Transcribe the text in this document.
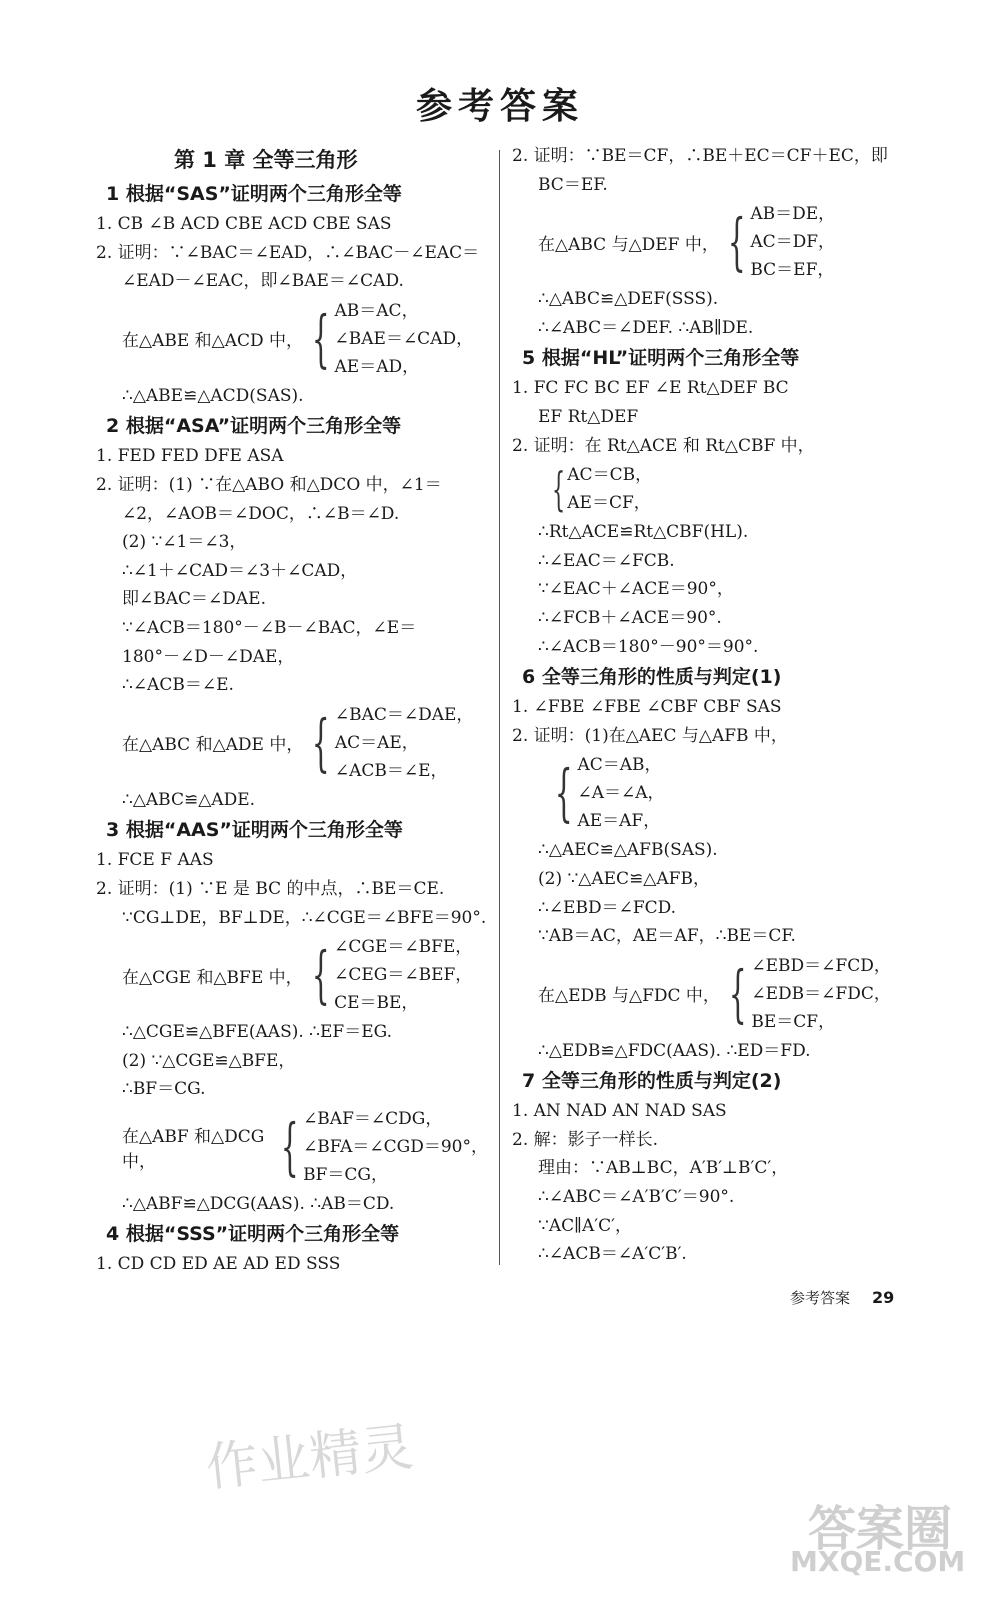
参考答案
第 1 章 全等三角形
1 根据“SAS”证明两个三角形全等
1. CB ∠B ACD CBE ACD CBE SAS
2. 证明：∵∠BAC＝∠EAD，∴∠BAC－∠EAC＝
∠EAD－∠EAC，即∠BAE＝∠CAD.
在△ABE 和△ACD 中， { AB＝AC，
∠BAE＝∠CAD，
AE＝AD，
∴△ABE≌△ACD(SAS).
2 根据“ASA”证明两个三角形全等
1. FED FED DFE ASA
2. 证明：(1) ∵在△ABO 和△DCO 中，∠1＝
∠2，∠AOB＝∠DOC，∴∠B＝∠D.
(2) ∵∠1＝∠3，
∴∠1＋∠CAD＝∠3＋∠CAD，
即∠BAC＝∠DAE.
∵∠ACB＝180°－∠B－∠BAC，∠E＝
180°－∠D－∠DAE，
∴∠ACB＝∠E.
在△ABC 和△ADE 中， { ∠BAC＝∠DAE，
AC＝AE，
∠ACB＝∠E，
∴△ABC≌△ADE.
3 根据“AAS”证明两个三角形全等
1. FCE F AAS
2. 证明：(1) ∵E 是 BC 的中点，∴BE＝CE.
∵CG⊥DE，BF⊥DE，∴∠CGE＝∠BFE＝90°.
在△CGE 和△BFE 中， { ∠CGE＝∠BFE，
∠CEG＝∠BEF，
CE＝BE，
∴△CGE≌△BFE(AAS). ∴EF＝EG.
(2) ∵△CGE≌△BFE，
∴BF＝CG.
在△ABF 和△DCG 中，	{ ∠BAF＝∠CDG，
∠BFA＝∠CGD＝90°，
BF＝CG，
∴△ABF≌△DCG(AAS). ∴AB＝CD.
4 根据“SSS”证明两个三角形全等
1. CD CD ED AE AD ED SSS
2. 证明：∵BE＝CF，∴BE＋EC＝CF＋EC，即
BC＝EF.
在△ABC 与△DEF 中， { AB＝DE，
AC＝DF，
BC＝EF，
∴△ABC≌△DEF(SSS).
∴∠ABC＝∠DEF. ∴AB∥DE.
5 根据“HL”证明两个三角形全等
1. FC FC BC EF ∠E Rt△DEF BC
EF Rt△DEF
2. 证明：在 Rt△ACE 和 Rt△CBF 中，
{ AC＝CB，
AE＝CF，
∴Rt△ACE≌Rt△CBF(HL).
∴∠EAC＝∠FCB.
∵∠EAC＋∠ACE＝90°，
∴∠FCB＋∠ACE＝90°.
∴∠ACB＝180°－90°＝90°.
6 全等三角形的性质与判定(1)
1. ∠FBE ∠FBE ∠CBF CBF SAS
2. 证明：(1)在△AEC 与△AFB 中，
{ AC＝AB，
∠A＝∠A，
AE＝AF，
∴△AEC≌△AFB(SAS).
(2) ∵△AEC≌△AFB，
∴∠EBD＝∠FCD.
∵AB＝AC，AE＝AF，∴BE＝CF.
在△EDB 与△FDC 中， { ∠EBD＝∠FCD，
∠EDB＝∠FDC，
BE＝CF，
∴△EDB≌△FDC(AAS). ∴ED＝FD.
7 全等三角形的性质与判定(2)
1. AN NAD AN NAD SAS
2. 解：影子一样长.
理由：∵AB⊥BC，A′B′⊥B′C′，
∴∠ABC＝∠A′B′C′＝90°.
∵AC∥A′C′，
∴∠ACB＝∠A′C′B′.
参考答案 29
作业精灵
答案圈
MXQE.COM
